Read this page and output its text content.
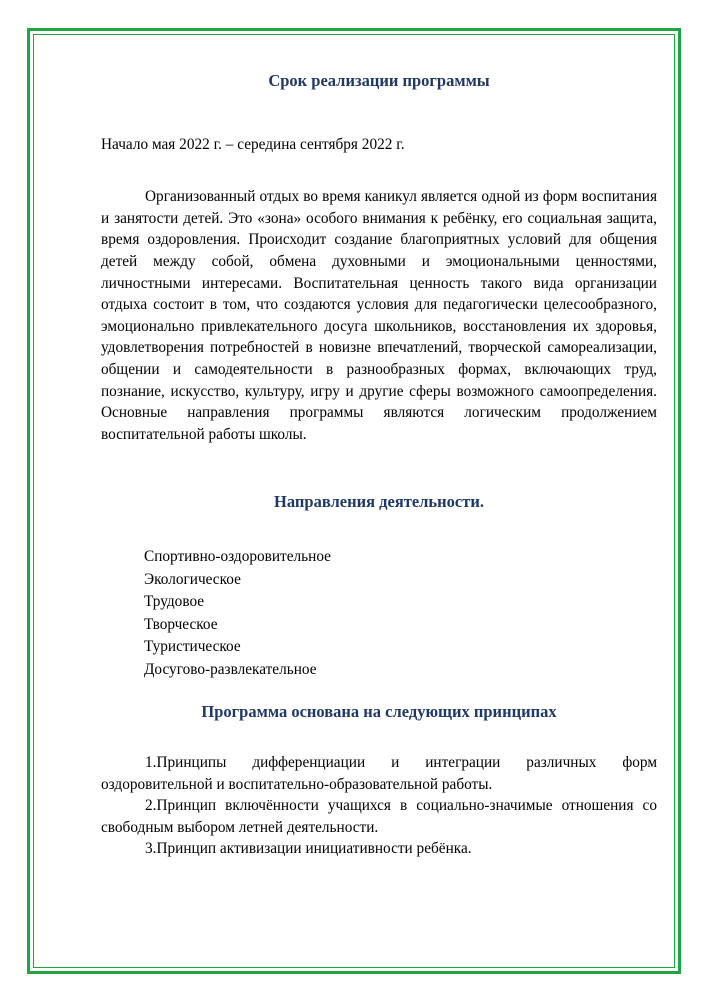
Срок реализации программы

Начало мая 2022 г. – середина сентября 2022 г.

Организованный отдых во время каникул является одной из форм воспитания и занятости детей. Это «зона» особого внимания к ребёнку, его социальная защита, время оздоровления. Происходит создание благоприятных условий для общения детей между собой, обмена духовными и эмоциональными ценностями, личностными интересами. Воспитательная ценность такого вида организации отдыха состоит в том, что создаются условия для педагогически целесообразного, эмоционально привлекательного досуга школьников, восстановления их здоровья, удовлетворения потребностей в новизне впечатлений, творческой самореализации, общении и самодеятельности в разнообразных формах, включающих труд, познание, искусство, культуру, игру и другие сферы возможного самоопределения. Основные направления программы являются логическим продолжением воспитательной работы школы.

Направления деятельности.
Спортивно-оздоровительное
Экологическое
Трудовое
Творческое
Туристическое
Досугово-развлекательное
Программа основана на следующих принципах

1.Принципы дифференциации и интеграции различных форм оздоровительной и воспитательно-образовательной работы.

2.Принцип включённости учащихся в социально-значимые отношения со свободным выбором летней деятельности.

3.Принцип активизации инициативности ребёнка.
